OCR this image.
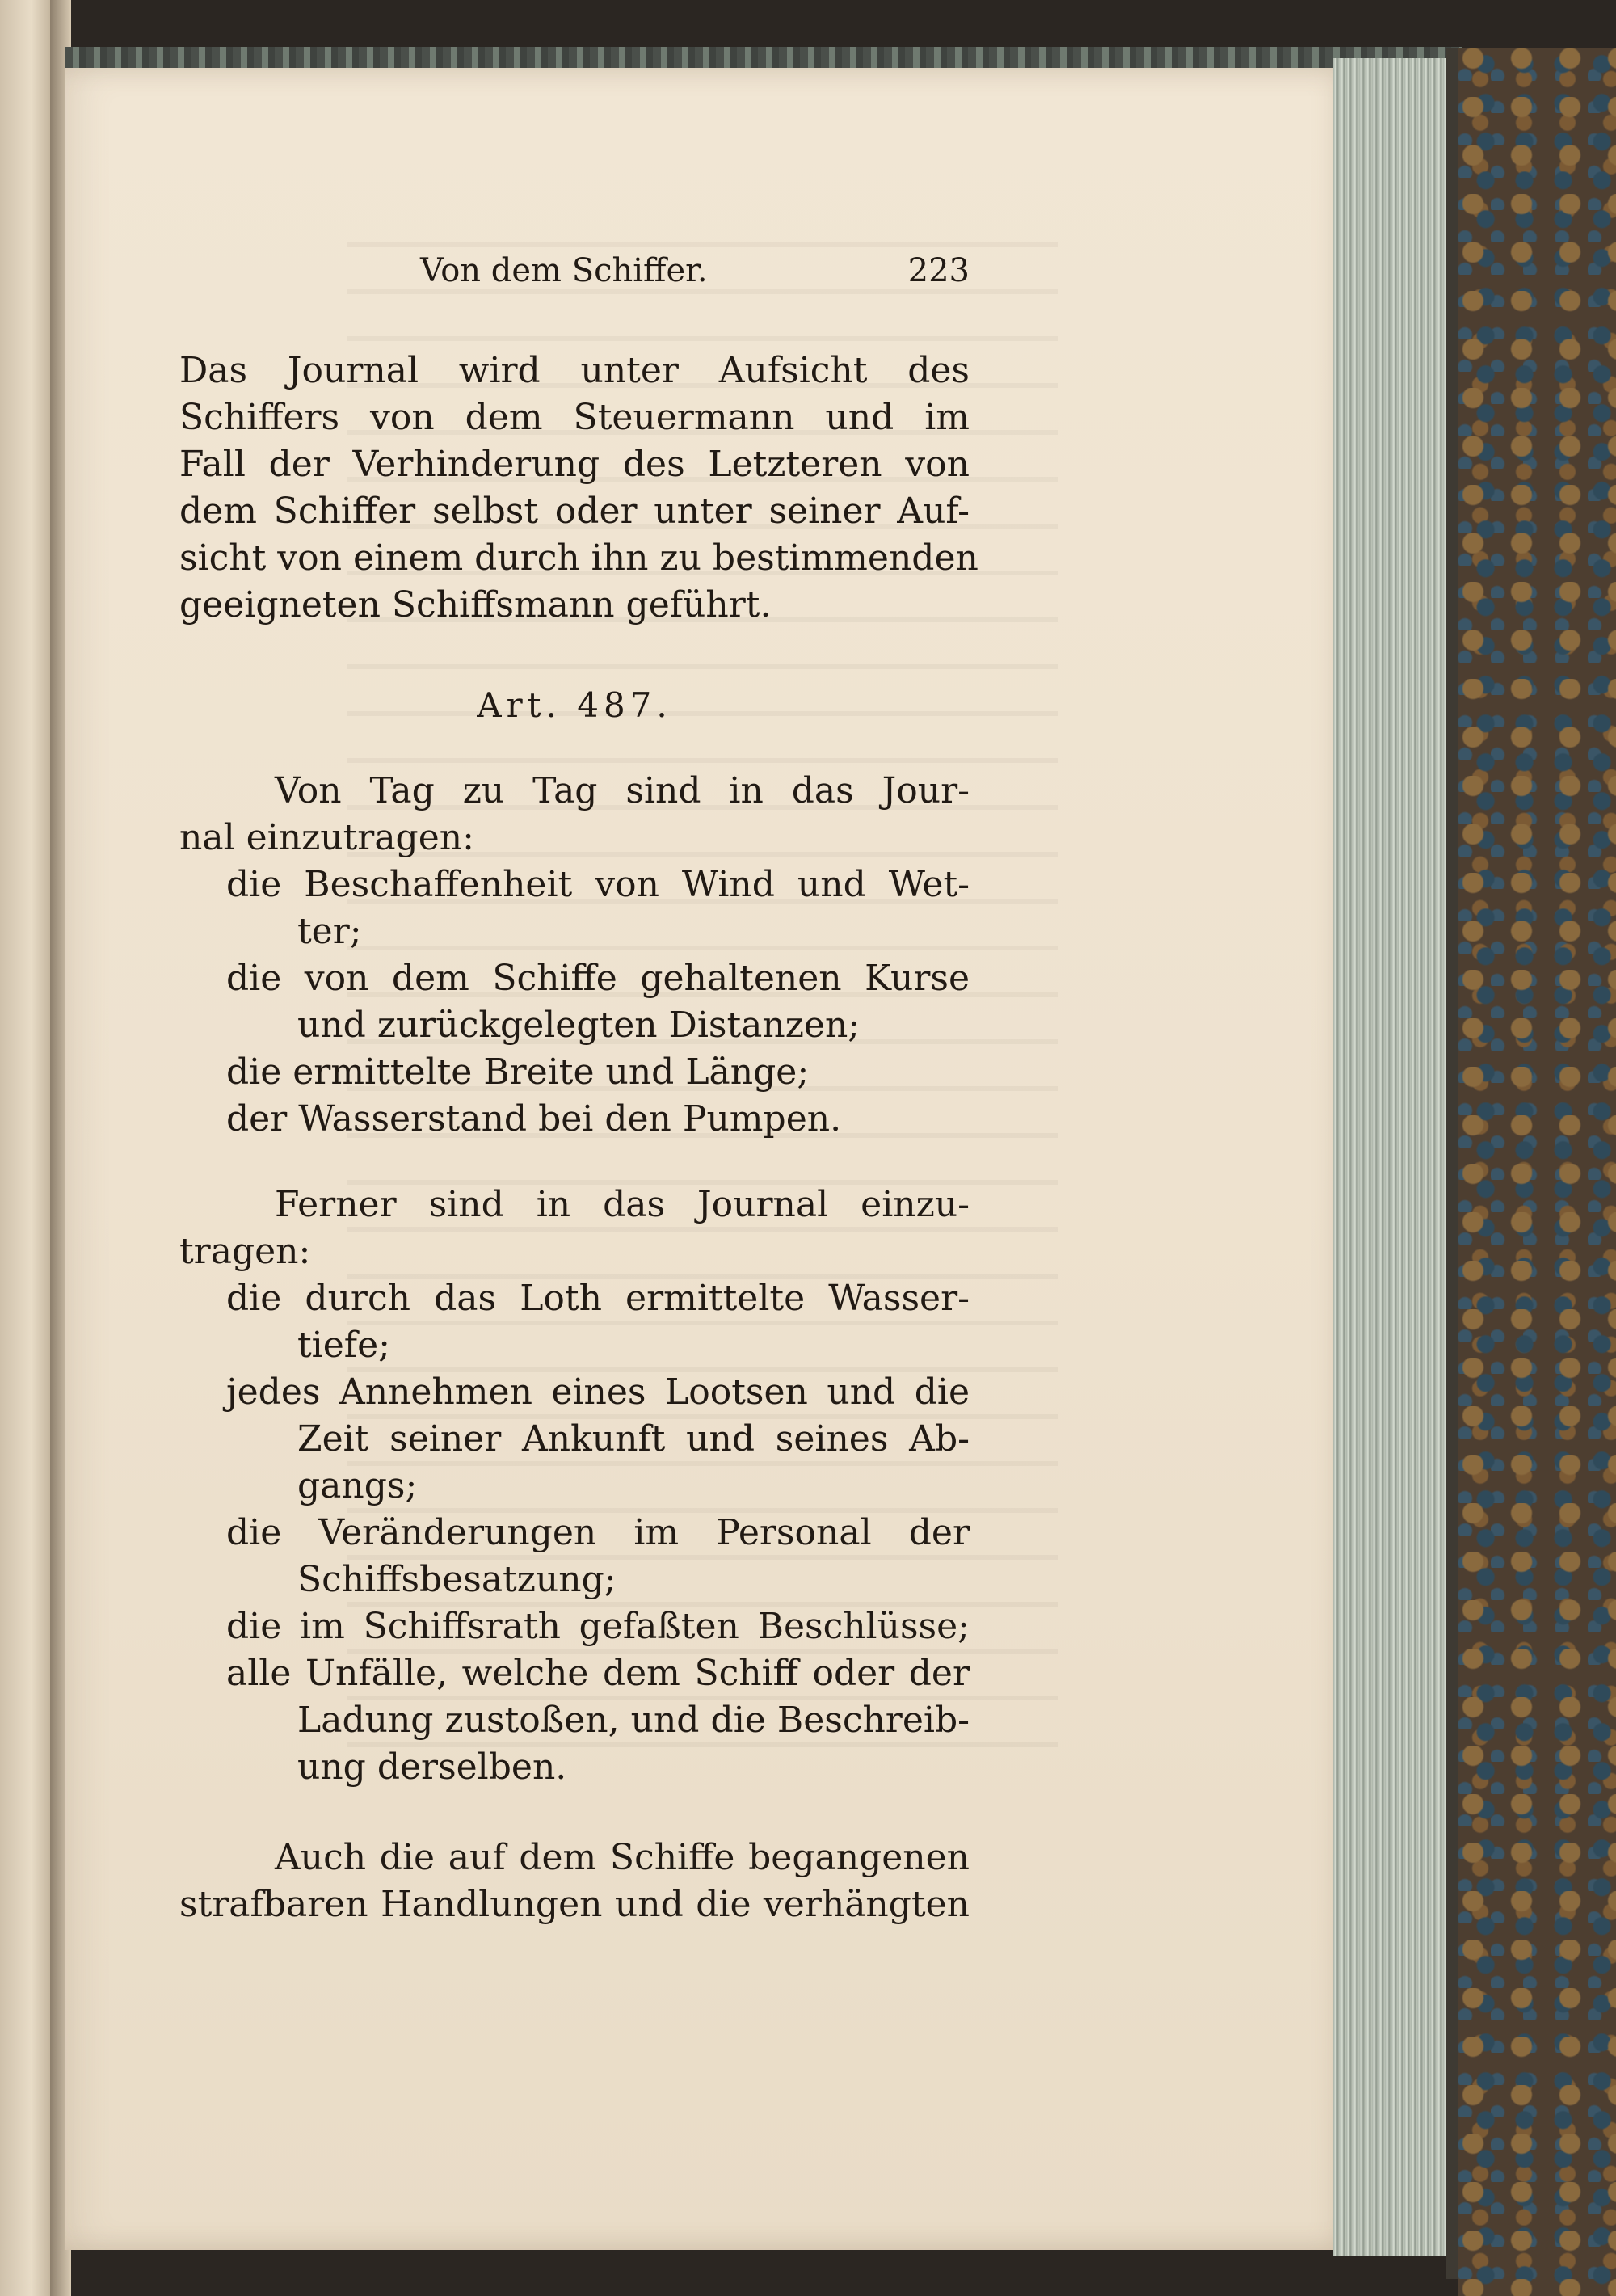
Von dem Schiffer.	223
Das Journal wird unter Aufsicht des
Schiffers von dem Steuermann und im
Fall der Verhinderung des Letzteren von
dem Schiffer selbst oder unter seiner Auf-
sicht von einem durch ihn zu bestimmenden
geeigneten Schiffsmann geführt.
Art. 487.
Von Tag zu Tag sind in das Jour-
nal einzutragen:
die Beschaffenheit von Wind und Wet-
ter;
die von dem Schiffe gehaltenen Kurse
und zurückgelegten Distanzen;
die ermittelte Breite und Länge;
der Wasserstand bei den Pumpen.
Ferner sind in das Journal einzu-
tragen:
die durch das Loth ermittelte Wasser-
tiefe;
jedes Annehmen eines Lootsen und die
Zeit seiner Ankunft und seines Ab-
gangs;
die Veränderungen im Personal der
Schiffsbesatzung;
die im Schiffsrath gefaßten Beschlüsse;
alle Unfälle, welche dem Schiff oder der
Ladung zustoßen, und die Beschreib-
ung derselben.
Auch die auf dem Schiffe begangenen
strafbaren Handlungen und die verhängten
